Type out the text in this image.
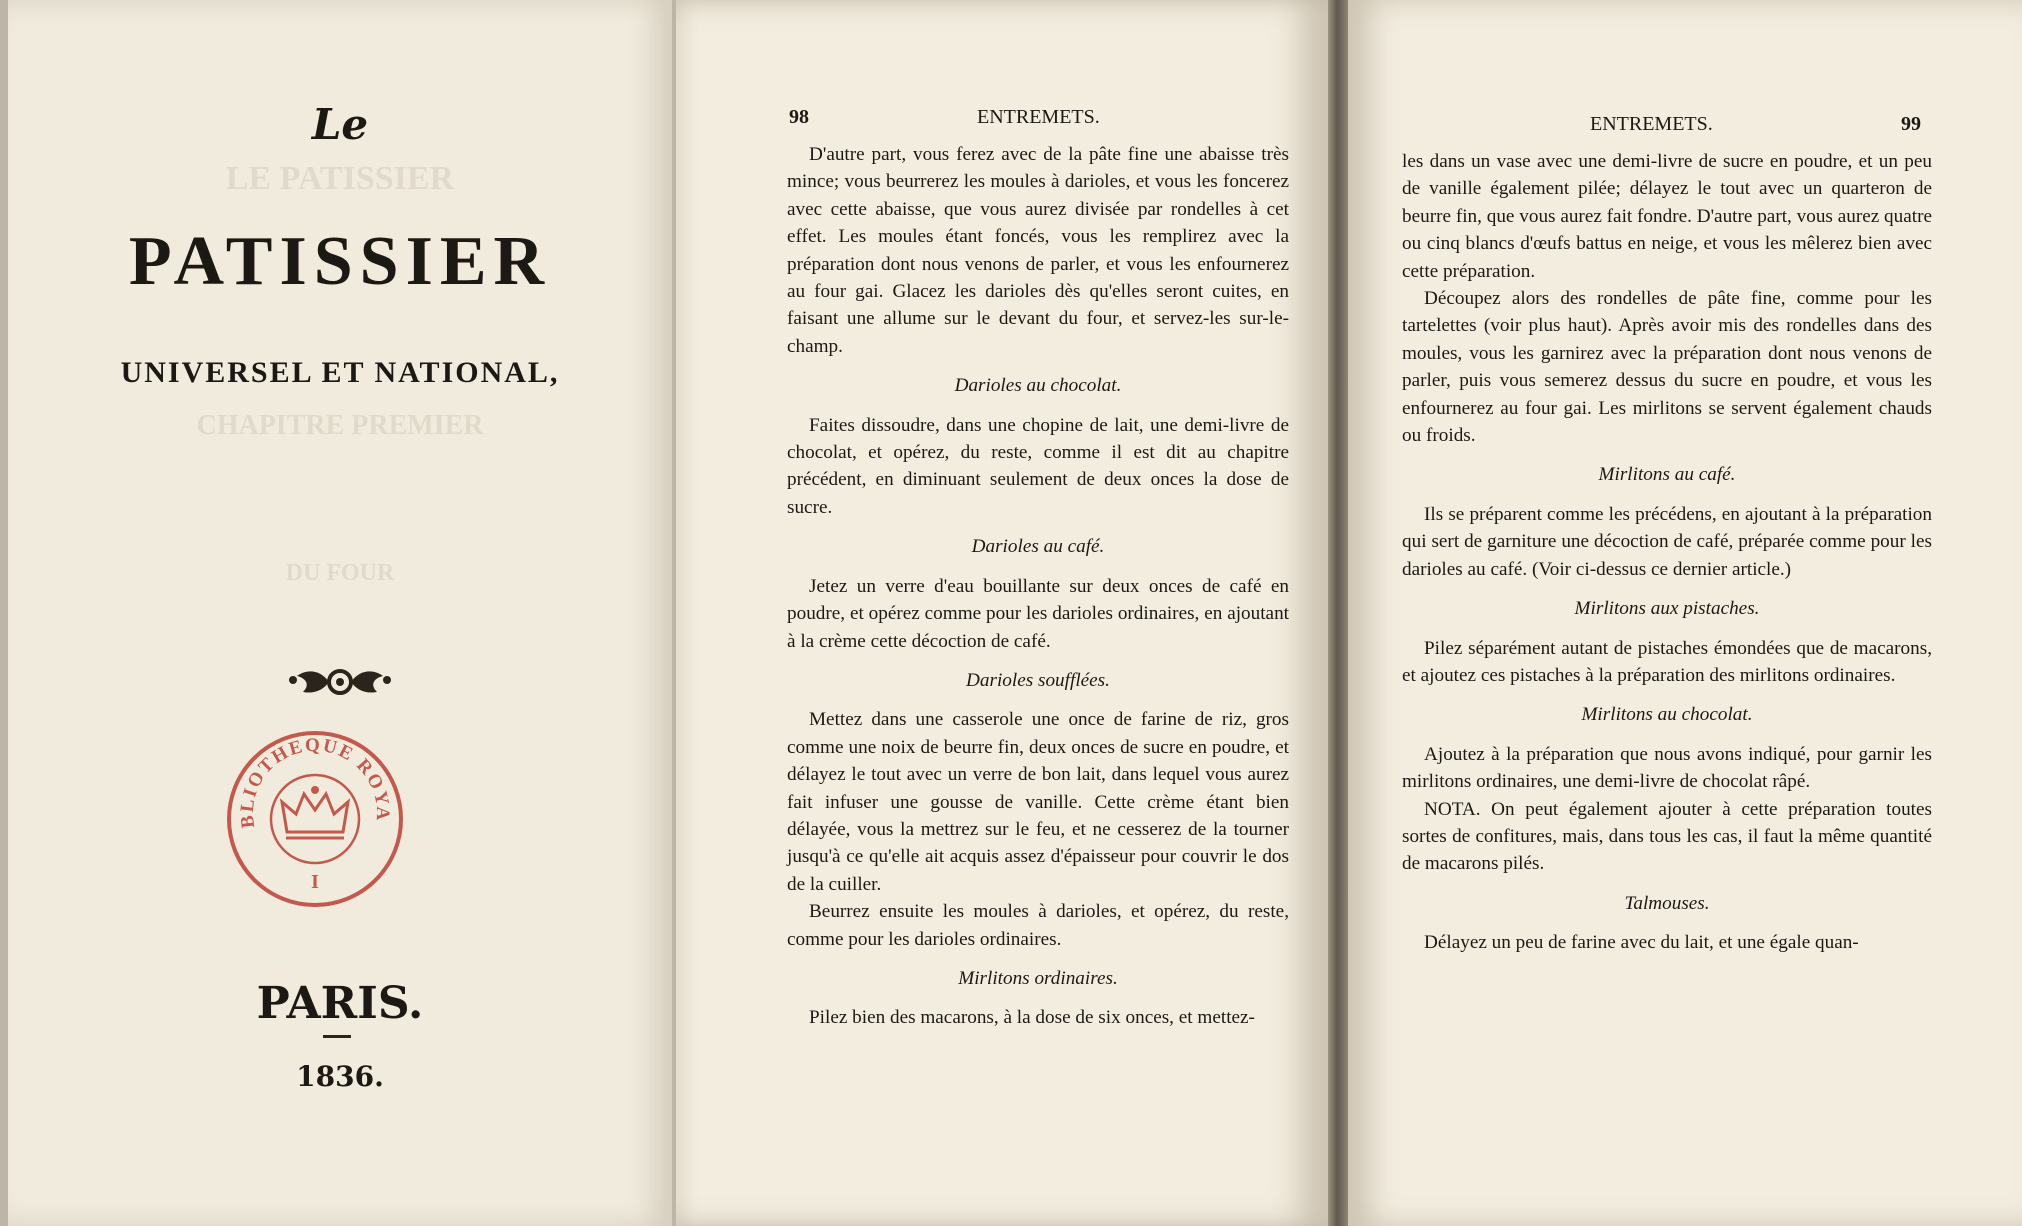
LE PATISSIER
CHAPITRE PREMIER
DU FOUR
Le
PATISSIER
UNIVERSEL ET NATIONAL,
BLIOTHEQUE ROYA
I
PARIS.
1836.
98	ENTREMETS.

D'autre part, vous ferez avec de la pâte fine une abaisse très mince; vous beurrerez les moules à darioles, et vous les foncerez avec cette abaisse, que vous aurez divisée par rondelles à cet effet. Les moules étant foncés, vous les remplirez avec la préparation dont nous venons de parler, et vous les enfournerez au four gai. Glacez les darioles dès qu'elles seront cuites, en faisant une allume sur le devant du four, et servez-les sur-le-champ.

Darioles au chocolat.

Faites dissoudre, dans une chopine de lait, une demi-livre de chocolat, et opérez, du reste, comme il est dit au chapitre précédent, en diminuant seulement de deux onces la dose de sucre.

Darioles au café.

Jetez un verre d'eau bouillante sur deux onces de café en poudre, et opérez comme pour les darioles ordinaires, en ajoutant à la crème cette décoction de café.

Darioles soufflées.

Mettez dans une casserole une once de farine de riz, gros comme une noix de beurre fin, deux onces de sucre en poudre, et délayez le tout avec un verre de bon lait, dans lequel vous aurez fait infuser une gousse de vanille. Cette crème étant bien délayée, vous la mettrez sur le feu, et ne cesserez de la tourner jusqu'à ce qu'elle ait acquis assez d'épaisseur pour couvrir le dos de la cuiller.

Beurrez ensuite les moules à darioles, et opérez, du reste, comme pour les darioles ordinaires.

Mirlitons ordinaires.

Pilez bien des macarons, à la dose de six onces, et mettez-

ENTREMETS.	99

les dans un vase avec une demi-livre de sucre en poudre, et un peu de vanille également pilée; délayez le tout avec un quarteron de beurre fin, que vous aurez fait fondre. D'autre part, vous aurez quatre ou cinq blancs d'œufs battus en neige, et vous les mêlerez bien avec cette préparation.

Découpez alors des rondelles de pâte fine, comme pour les tartelettes (voir plus haut). Après avoir mis des rondelles dans des moules, vous les garnirez avec la préparation dont nous venons de parler, puis vous semerez dessus du sucre en poudre, et vous les enfournerez au four gai. Les mirlitons se servent également chauds ou froids.

Mirlitons au café.

Ils se préparent comme les précédens, en ajoutant à la préparation qui sert de garniture une décoction de café, préparée comme pour les darioles au café. (Voir ci-dessus ce dernier article.)

Mirlitons aux pistaches.

Pilez séparément autant de pistaches émondées que de macarons, et ajoutez ces pistaches à la préparation des mirlitons ordinaires.

Mirlitons au chocolat.

Ajoutez à la préparation que nous avons indiqué, pour garnir les mirlitons ordinaires, une demi-livre de chocolat râpé.

NOTA. On peut également ajouter à cette préparation toutes sortes de confitures, mais, dans tous les cas, il faut la même quantité de macarons pilés.

Talmouses.

Délayez un peu de farine avec du lait, et une égale quan-
